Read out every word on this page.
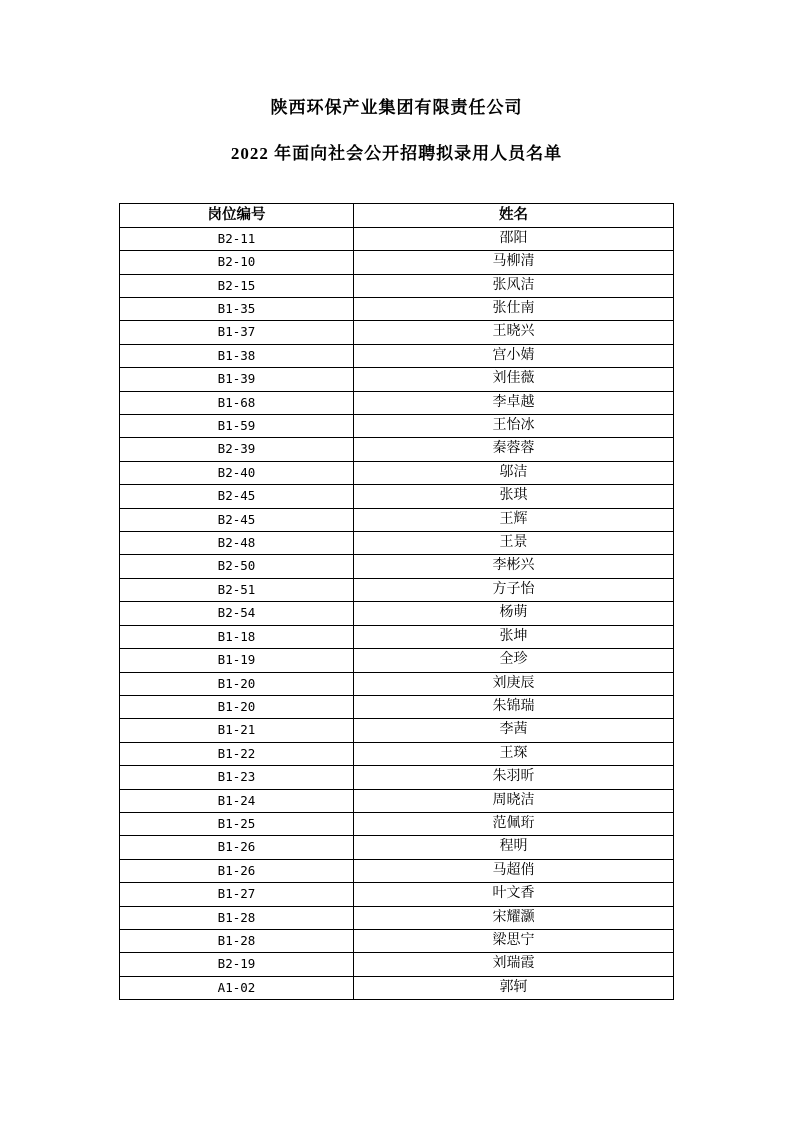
陕西环保产业集团有限责任公司

2022 年面向社会公开招聘拟录用人员名单

岗位编号	姓名
B2-11	邵阳
B2-10	马柳清
B2-15	张风洁
B1-35	张仕南
B1-37	王晓兴
B1-38	宫小婧
B1-39	刘佳薇
B1-68	李卓越
B1-59	王怡冰
B2-39	秦蓉蓉
B2-40	邬洁
B2-45	张琪
B2-45	王辉
B2-48	王景
B2-50	李彬兴
B2-51	方子怡
B2-54	杨萌
B1-18	张坤
B1-19	全珍
B1-20	刘庚辰
B1-20	朱锦瑞
B1-21	李茜
B1-22	王琛
B1-23	朱羽昕
B1-24	周晓洁
B1-25	范佩珩
B1-26	程明
B1-26	马超俏
B1-27	叶文香
B1-28	宋耀灏
B1-28	梁思宁
B2-19	刘瑞霞
A1-02	郭轲
